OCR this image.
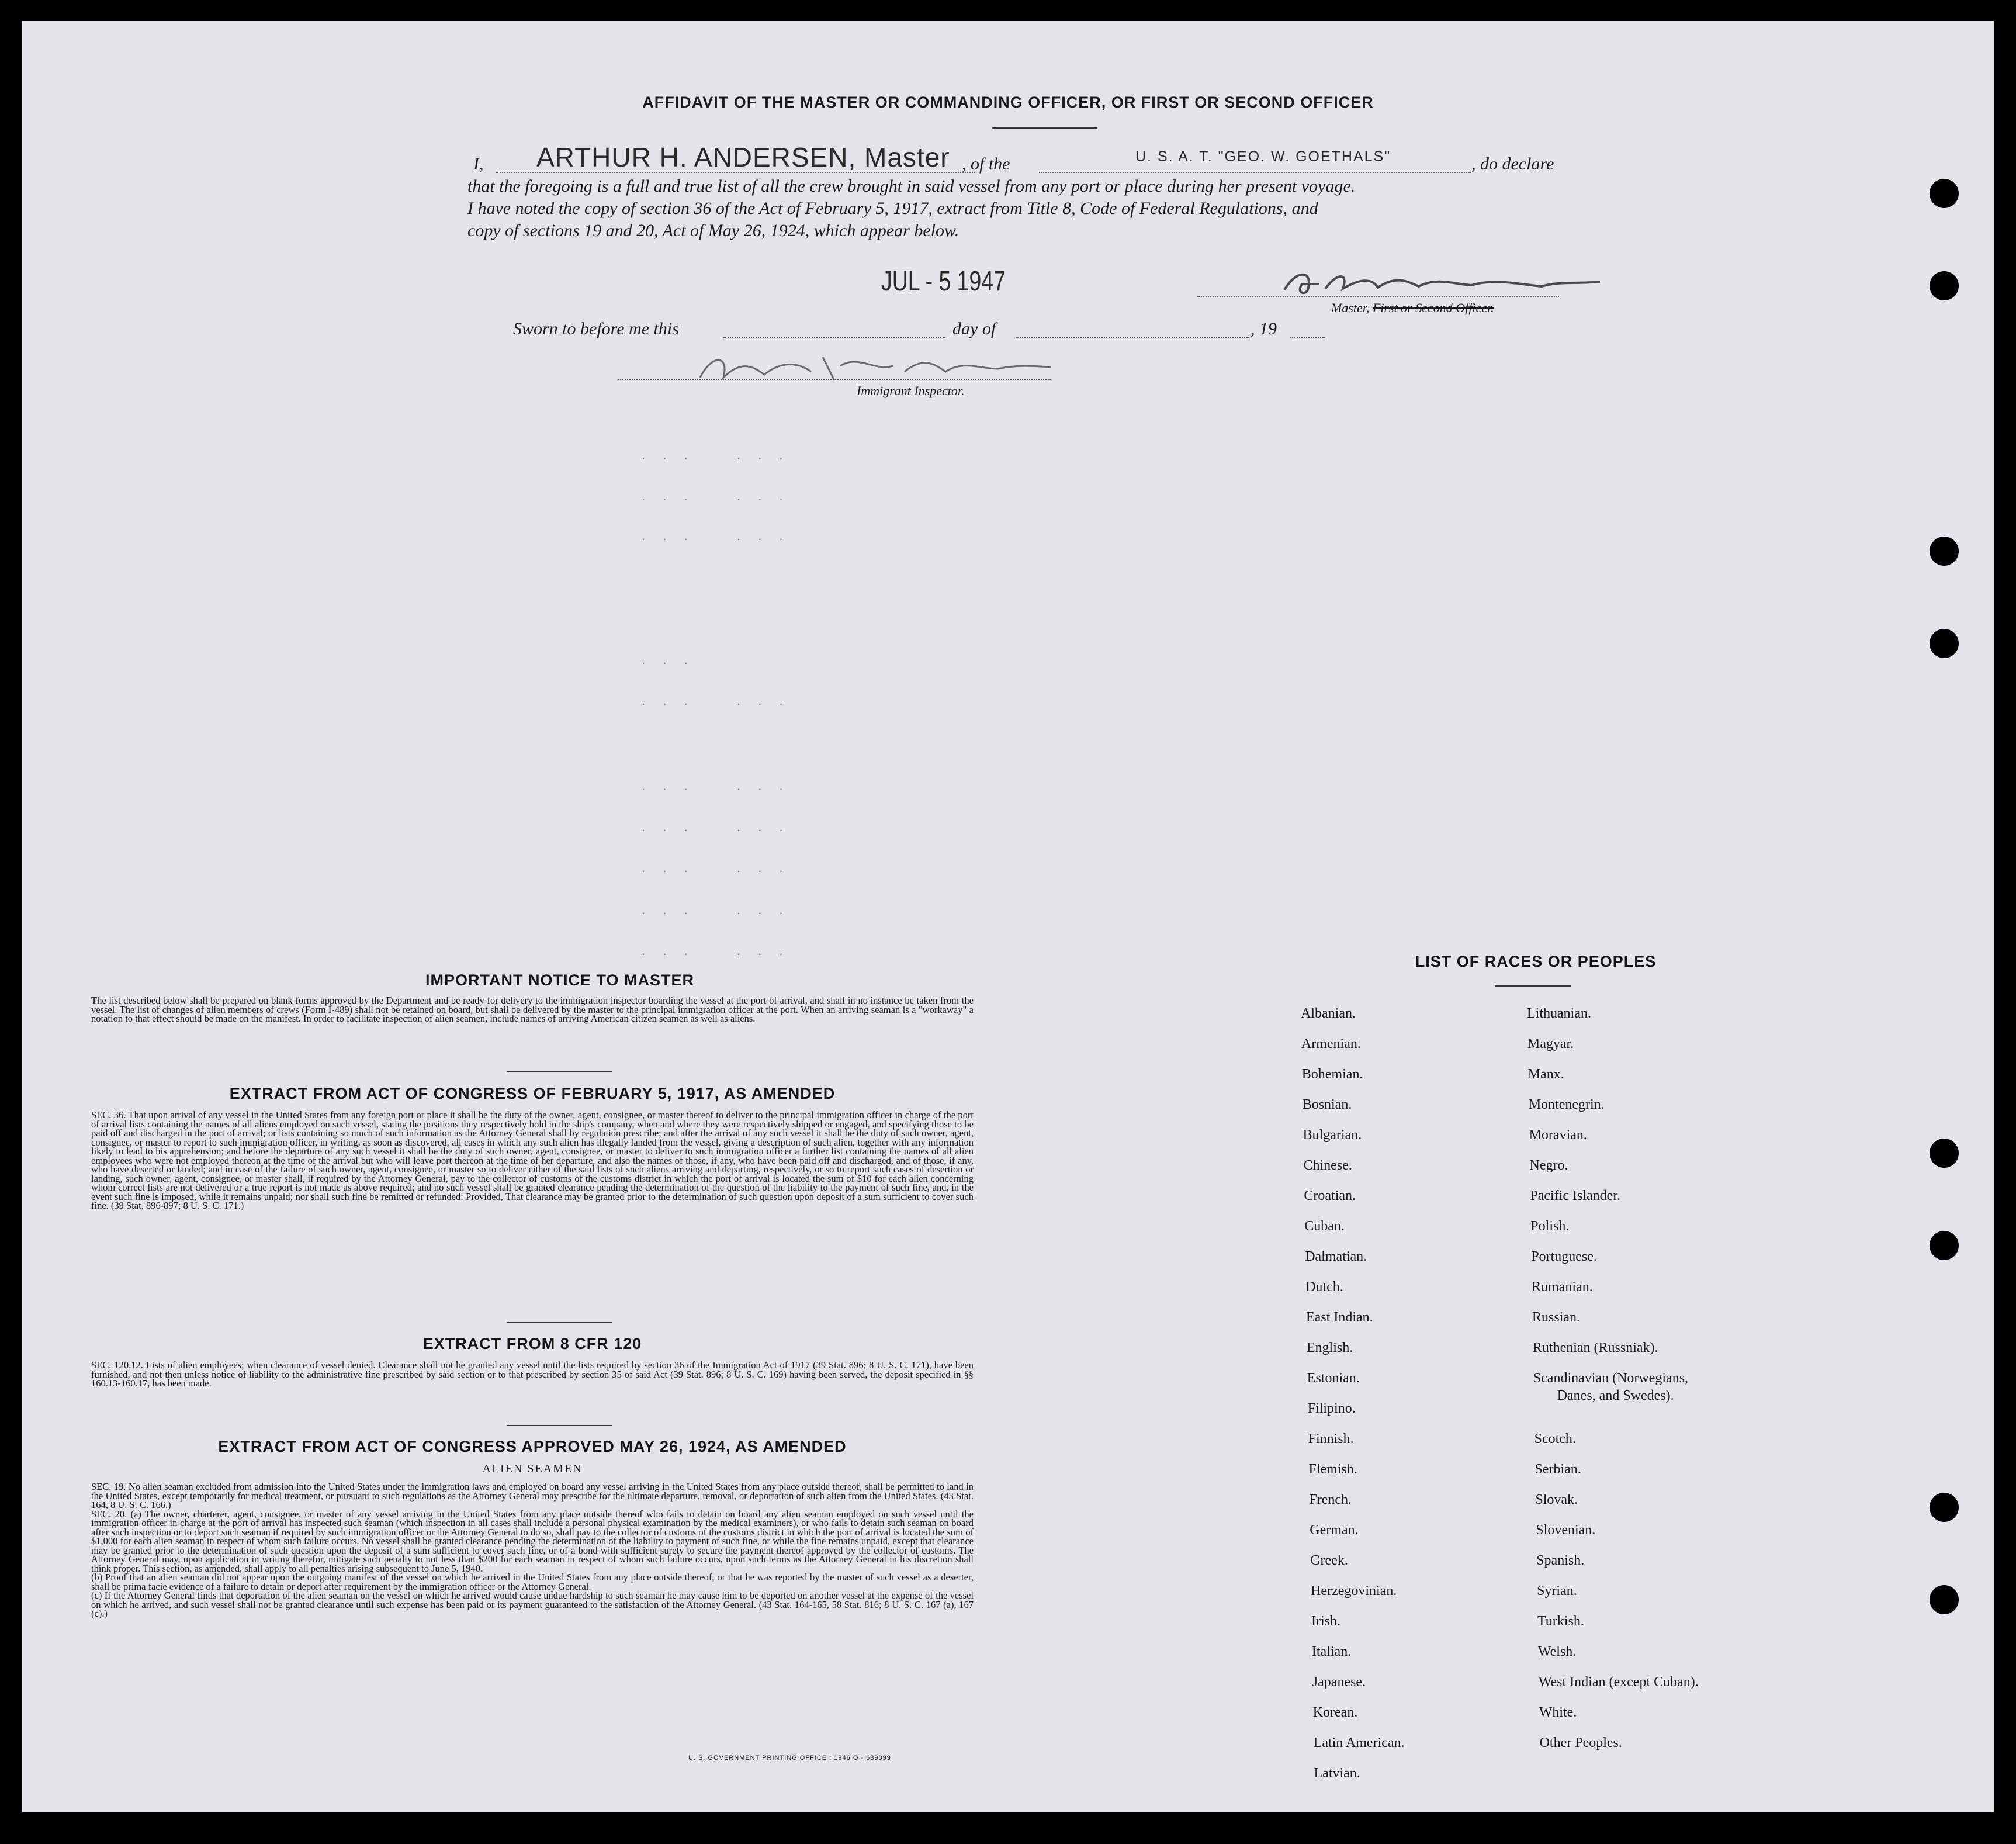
AFFIDAVIT OF THE MASTER OR COMMANDING OFFICER, OR FIRST OR SECOND OFFICER
I, ARTHUR H. ANDERSEN, Master , of the	U. S. A. T. "GEO. W. GOETHALS"	, do declare
that the foregoing is a full and true list of all the crew brought in said vessel from any port or place during her present voyage.
I have noted the copy of section 36 of the Act of February 5, 1917, extract from Title 8, Code of Federal Regulations, and
copy of sections 19 and 20, Act of May 26, 1924, which appear below.
JUL - 5 1947
Master, First or Second Officer.
Sworn to before me this	day of	, 19
Immigrant Inspector.
. . .    . . .
. . .    . . .
. . .    . . .
. . .
. . .    . . .
. . .    . . .
. . .    . . .
. . .    . . .
. . .    . . .
. . .    . . .
IMPORTANT NOTICE TO MASTER
The list described below shall be prepared on blank forms approved by the Department and be ready for delivery to the immigration inspector boarding the vessel at the port of arrival, and shall in no instance be taken from the vessel. The list of changes of alien members of crews (Form I-489) shall not be retained on board, but shall be delivered by the master to the principal immigration officer at the port. When an arriving seaman is a "workaway" a notation to that effect should be made on the manifest. In order to facilitate inspection of alien seamen, include names of arriving American citizen seamen as well as aliens.
EXTRACT FROM ACT OF CONGRESS OF FEBRUARY 5, 1917, AS AMENDED
SEC. 36. That upon arrival of any vessel in the United States from any foreign port or place it shall be the duty of the owner, agent, consignee, or master thereof to deliver to the principal immigration officer in charge of the port of arrival lists containing the names of all aliens employed on such vessel, stating the positions they respectively hold in the ship's company, when and where they were respectively shipped or engaged, and specifying those to be paid off and discharged in the port of arrival; or lists containing so much of such information as the Attorney General shall by regulation prescribe; and after the arrival of any such vessel it shall be the duty of such owner, agent, consignee, or master to report to such immigration officer, in writing, as soon as discovered, all cases in which any such alien has illegally landed from the vessel, giving a description of such alien, together with any information likely to lead to his apprehension; and before the departure of any such vessel it shall be the duty of such owner, agent, consignee, or master to deliver to such immigration officer a further list containing the names of all alien employees who were not employed thereon at the time of the arrival but who will leave port thereon at the time of her departure, and also the names of those, if any, who have been paid off and discharged, and of those, if any, who have deserted or landed; and in case of the failure of such owner, agent, consignee, or master so to deliver either of the said lists of such aliens arriving and departing, respectively, or so to report such cases of desertion or landing, such owner, agent, consignee, or master shall, if required by the Attorney General, pay to the collector of customs of the customs district in which the port of arrival is located the sum of $10 for each alien concerning whom correct lists are not delivered or a true report is not made as above required; and no such vessel shall be granted clearance pending the determination of the question of the liability to the payment of such fine, and, in the event such fine is imposed, while it remains unpaid; nor shall such fine be remitted or refunded: Provided, That clearance may be granted prior to the determination of such question upon deposit of a sum sufficient to cover such fine. (39 Stat. 896-897; 8 U. S. C. 171.)
EXTRACT FROM 8 CFR 120
SEC. 120.12. Lists of alien employees; when clearance of vessel denied. Clearance shall not be granted any vessel until the lists required by section 36 of the Immigration Act of 1917 (39 Stat. 896; 8 U. S. C. 171), have been furnished, and not then unless notice of liability to the administrative fine prescribed by said section or to that prescribed by section 35 of said Act (39 Stat. 896; 8 U. S. C. 169) having been served, the deposit specified in §§ 160.13-160.17, has been made.
EXTRACT FROM ACT OF CONGRESS APPROVED MAY 26, 1924, AS AMENDED
ALIEN SEAMEN
SEC. 19. No alien seaman excluded from admission into the United States under the immigration laws and employed on board any vessel arriving in the United States from any place outside thereof, shall be permitted to land in the United States, except temporarily for medical treatment, or pursuant to such regulations as the Attorney General may prescribe for the ultimate departure, removal, or deportation of such alien from the United States. (43 Stat. 164, 8 U. S. C. 166.)
SEC. 20. (a) The owner, charterer, agent, consignee, or master of any vessel arriving in the United States from any place outside thereof who fails to detain on board any alien seaman employed on such vessel until the immigration officer in charge at the port of arrival has inspected such seaman (which inspection in all cases shall include a personal physical examination by the medical examiners), or who fails to detain such seaman on board after such inspection or to deport such seaman if required by such immigration officer or the Attorney General to do so, shall pay to the collector of customs of the customs district in which the port of arrival is located the sum of $1,000 for each alien seaman in respect of whom such failure occurs. No vessel shall be granted clearance pending the determination of the liability to payment of such fine, or while the fine remains unpaid, except that clearance may be granted prior to the determination of such question upon the deposit of a sum sufficient to cover such fine, or of a bond with sufficient surety to secure the payment thereof approved by the collector of customs. The Attorney General may, upon application in writing therefor, mitigate such penalty to not less than $200 for each seaman in respect of whom such failure occurs, upon such terms as the Attorney General in his discretion shall think proper. This section, as amended, shall apply to all penalties arising subsequent to June 5, 1940.
(b) Proof that an alien seaman did not appear upon the outgoing manifest of the vessel on which he arrived in the United States from any place outside thereof, or that he was reported by the master of such vessel as a deserter, shall be prima facie evidence of a failure to detain or deport after requirement by the immigration officer or the Attorney General.
(c) If the Attorney General finds that deportation of the alien seaman on the vessel on which he arrived would cause undue hardship to such seaman he may cause him to be deported on another vessel at the expense of the vessel on which he arrived, and such vessel shall not be granted clearance until such expense has been paid or its payment guaranteed to the satisfaction of the Attorney General. (43 Stat. 164-165, 58 Stat. 816; 8 U. S. C. 167 (a), 167 (c).)
U. S. GOVERNMENT PRINTING OFFICE : 1946 O - 689099
LIST OF RACES OR PEOPLES
Albanian.
Armenian.
Bohemian.
Bosnian.
Bulgarian.
Chinese.
Croatian.
Cuban.
Dalmatian.
Dutch.
East Indian.
English.
Estonian.
Filipino.
Finnish.
Flemish.
French.
German.
Greek.
Herzegovinian.
Irish.
Italian.
Japanese.
Korean.
Latin American.
Latvian.
Lithuanian.
Magyar.
Manx.
Montenegrin.
Moravian.
Negro.
Pacific Islander.
Polish.
Portuguese.
Rumanian.
Russian.
Ruthenian (Russniak).
Scandinavian (Norwegians,
Danes, and Swedes).
Scotch.
Serbian.
Slovak.
Slovenian.
Spanish.
Syrian.
Turkish.
Welsh.
West Indian (except Cuban).
White.
Other Peoples.
